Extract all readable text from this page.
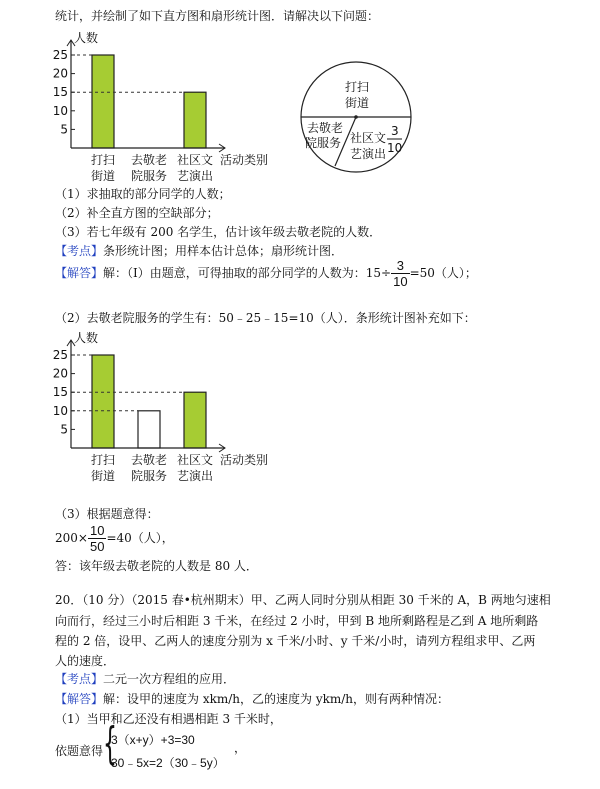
统计，并绘制了如下直方图和扇形统计图．请解决以下问题：
5
10
15
20
25
人数
活动类别
打扫
街道
去敬老
院服务
社区文
艺演出
打扫
街道
去敬老
院服务 社区文
艺演出
3
10
（1）求抽取的部分同学的人数；
（2）补全直方图的空缺部分；
（3）若七年级有 200 名学生，估计该年级去敬老院的人数．
【考点】条形统计图；用样本估计总体；扇形统计图．
【解答】解：（Ⅰ）由题意，可得抽取的部分同学的人数为：$15\div \frac{3}{10} =50$（人）；
（2）去敬老院服务的学生有：50﹣25﹣15=10（人）．条形统计图补充如下：
5
10
15
20
25
人数
活动类别
打扫
街道
去敬老
院服务
社区文
艺演出
（3）根据题意得：
$200\times \frac{10}{50} =40$（人），
答：该年级去敬老院的人数是 80 人．
20．（10 分）（2015 春•杭州期末）甲、乙两人同时分别从相距 30 千米的 A，B 两地匀速相
向而行，经过三小时后相距 3 千米，在经过 2 小时，甲到 B 地所剩路程是乙到 A 地所剩路
程的 2 倍，设甲、乙两人的速度分别为 x 千米/小时、y 千米/小时，请列方程组求甲、乙两
人的速度．
【考点】二元一次方程组的应用．
【解答】解：设甲的速度为 xkm/h，乙的速度为 ykm/h，则有两种情况：
（1）当甲和乙还没有相遇相距 3 千米时，
依题意得 {
3（x+y）+3=30
30﹣5x=2（30﹣5y）
，
